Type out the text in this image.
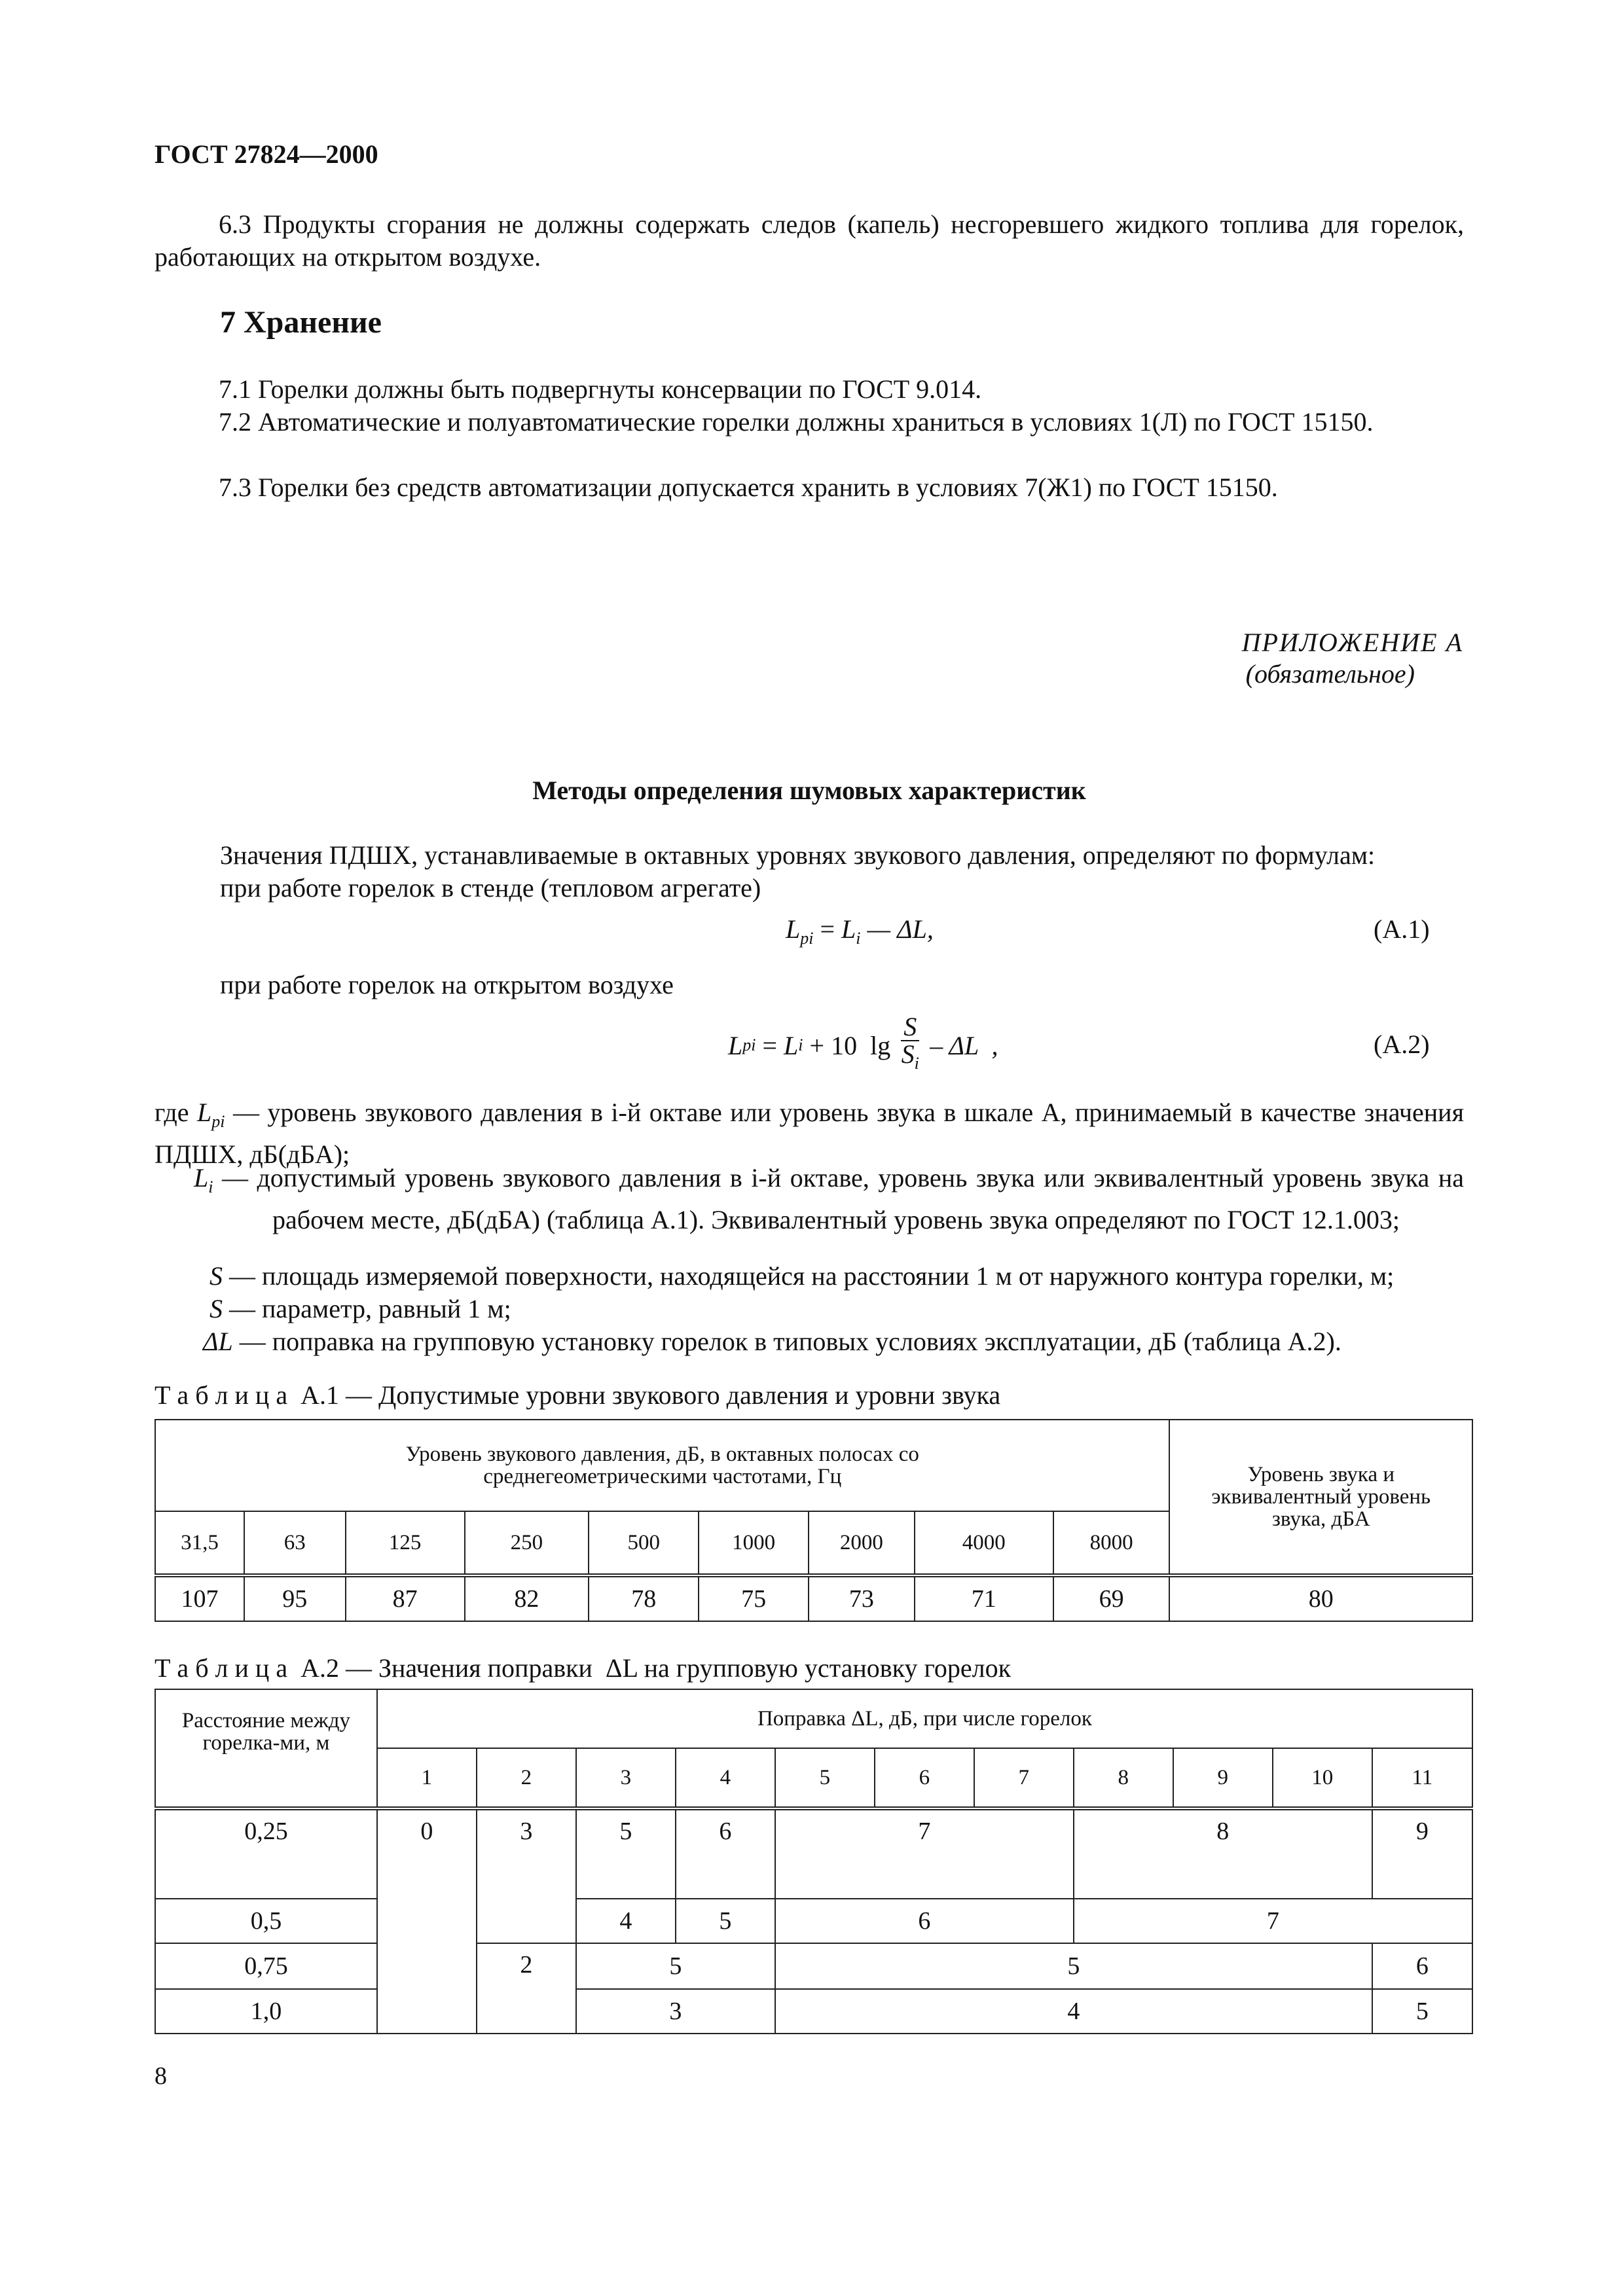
ГОСТ 27824—2000
6.3 Продукты сгорания не должны содержать следов (капель) несгоревшего жидкого топлива для горелок, работающих на открытом воздухе.
7 Хранение
7.1 Горелки должны быть подвергнуты консервации по ГОСТ 9.014.
7.2 Автоматические и полуавтоматические горелки должны храниться в условиях 1(Л) по ГОСТ 15150.
7.3 Горелки без средств автоматизации допускается хранить в условиях 7(Ж1) по ГОСТ 15150.
ПРИЛОЖЕНИЕ А
(обязательное)
Методы определения шумовых характеристик
Значения ПДШХ, устанавливаемые в октавных уровнях звукового давления, определяют по формулам:
при работе горелок в стенде (тепловом агрегате)
$L_{pi} = L_i$ — ΔL,	(А.1)
при работе горелок на открытом воздухе
L pi = L i + 10  $\lg \frac{S}{S_i}$ – ΔL  ,	(А.2)
где $L_{pi}$ — уровень звукового давления в i-й октаве или уровень звука в шкале А, принимаемый в качестве значения ПДШХ, дБ(дБА);
$L_i$ — допустимый уровень звукового давления в i-й октаве, уровень звука или эквивалентный уровень звука на рабочем месте, дБ(дБА) (таблица А.1). Эквивалентный уровень звука определяют по ГОСТ 12.1.003;
S — площадь измеряемой поверхности, находящейся на расстоянии 1 м от наружного контура горелки, м;
S — параметр, равный 1 м;
ΔL — поправка на групповую установку горелок в типовых условиях эксплуатации, дБ (таблица А.2).
Т а б л и ц а  А.1 — Допустимые уровни звукового давления и уровни звука
Уровень звукового давления, дБ, в октавных полосах со среднегеометрическими частотами, Гц									Уровень звука и эквивалентный уровень звука, дБА
31,5	63	125	250	500	1000	2000	4000	8000	
107	95	87	82	78	75	73	71	69	80
Т а б л и ц а  А.2 — Значения поправки  ΔL на групповую установку горелок
Расстояние между горелка-ми, м	Поправка ΔL, дБ, при числе горелок										
	1	2	3	4	5	6	7	8	9	10	11
0,25	0	3	5	6	7			8			9
0,5			4	5	6			7			
0,75		2	5		5						6
1,0			3		4						5
8
